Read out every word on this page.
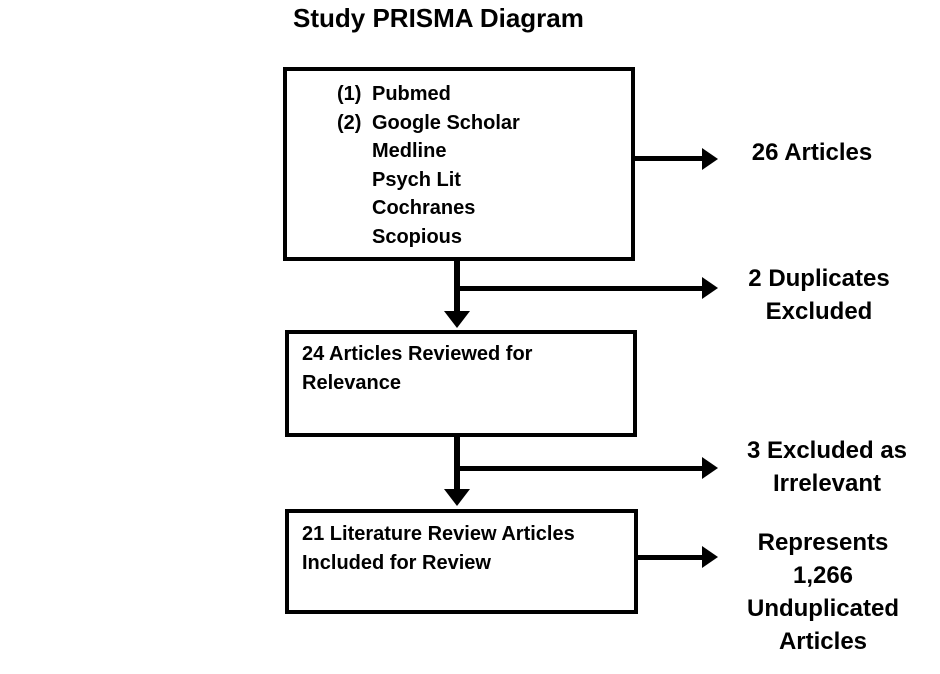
Study PRISMA Diagram
(1) Pubmed
(2) Google Scholar
Medline
Psych Lit
Cochranes
Scopious
26 Articles
2 Duplicates
Excluded
24 Articles Reviewed for
Relevance
3 Excluded as
Irrelevant
21 Literature Review Articles
Included for Review
Represents
1,266
Unduplicated
Articles
